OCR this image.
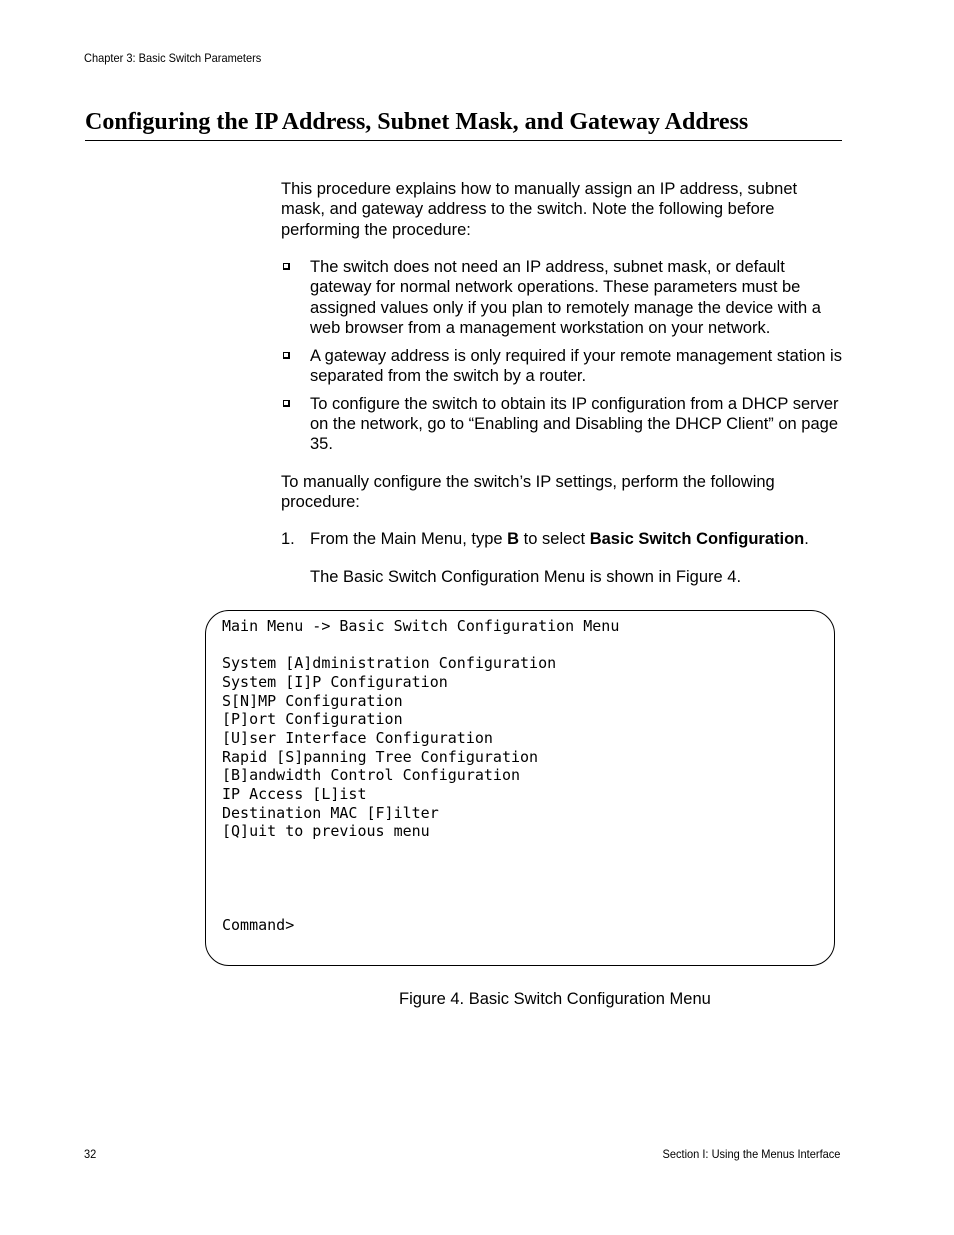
Chapter 3: Basic Switch Parameters
Configuring the IP Address, Subnet Mask, and Gateway Address

This procedure explains how to manually assign an IP address, subnet mask, and gateway address to the switch. Note the following before performing the procedure:

The switch does not need an IP address, subnet mask, or default gateway for normal network operations. These parameters must be assigned values only if you plan to remotely manage the device with a web browser from a management workstation on your network.
A gateway address is only required if your remote management station is separated from the switch by a router.
To configure the switch to obtain its IP configuration from a DHCP server on the network, go to “Enabling and Disabling the DHCP Client” on page 35.

To manually configure the switch’s IP settings, perform the following procedure:

1. From the Main Menu, type B to select Basic Switch Configuration.

The Basic Switch Configuration Menu is shown in Figure 4.

Main Menu -> Basic Switch Configuration Menu
System [A]dministration Configuration
System [I]P Configuration
S[N]MP Configuration
[P]ort Configuration
[U]ser Interface Configuration
Rapid [S]panning Tree Configuration
[B]andwidth Control Configuration
IP Access [L]ist
Destination MAC [F]ilter
[Q]uit to previous menu
Command>
Figure 4. Basic Switch Configuration Menu
32	Section I: Using the Menus Interface
